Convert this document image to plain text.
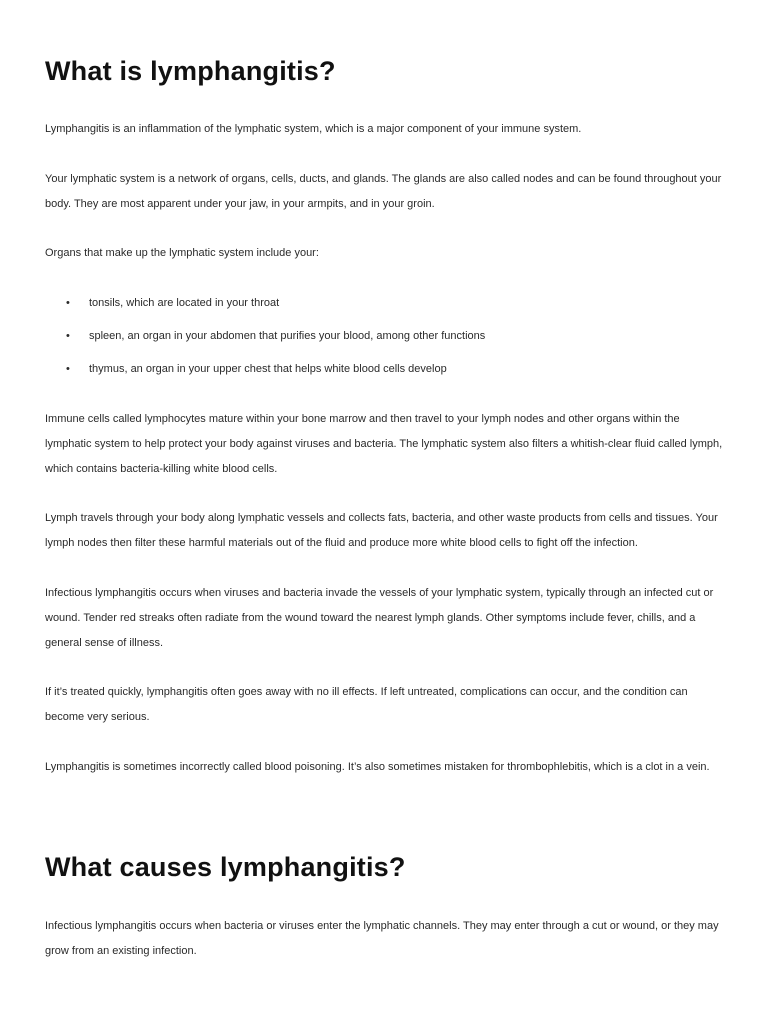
What is lymphangitis?

Lymphangitis is an inflammation of the lymphatic system, which is a major component of your immune system.

Your lymphatic system is a network of organs, cells, ducts, and glands. The glands are also called nodes and can be found throughout your body. They are most apparent under your jaw, in your armpits, and in your groin.

Organs that make up the lymphatic system include your:

• tonsils, which are located in your throat
• spleen, an organ in your abdomen that purifies your blood, among other functions
• thymus, an organ in your upper chest that helps white blood cells develop

Immune cells called lymphocytes mature within your bone marrow and then travel to your lymph nodes and other organs within the lymphatic system to help protect your body against viruses and bacteria. The lymphatic system also filters a whitish-clear fluid called lymph, which contains bacteria-killing white blood cells.

Lymph travels through your body along lymphatic vessels and collects fats, bacteria, and other waste products from cells and tissues. Your lymph nodes then filter these harmful materials out of the fluid and produce more white blood cells to fight off the infection.

Infectious lymphangitis occurs when viruses and bacteria invade the vessels of your lymphatic system, typically through an infected cut or wound. Tender red streaks often radiate from the wound toward the nearest lymph glands. Other symptoms include fever, chills, and a general sense of illness.

If it’s treated quickly, lymphangitis often goes away with no ill effects. If left untreated, complications can occur, and the condition can become very serious.

Lymphangitis is sometimes incorrectly called blood poisoning. It’s also sometimes mistaken for thrombophlebitis, which is a clot in a vein.

What causes lymphangitis?

Infectious lymphangitis occurs when bacteria or viruses enter the lymphatic channels. They may enter through a cut or wound, or they may grow from an existing infection.
